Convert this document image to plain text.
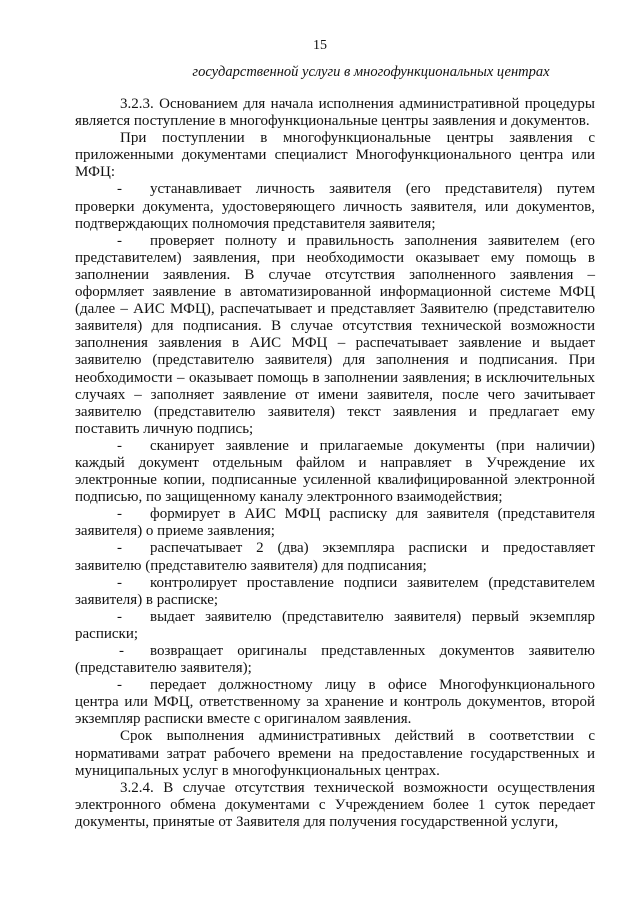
15
государственной услуги в многофункциональных центрах

3.2.3. Основанием для начала исполнения административной процедуры является поступление в многофункциональные центры заявления и документов.

При поступлении в многофункциональные центры заявления с приложенными документами специалист Многофункционального центра или МФЦ:

- устанавливает личность заявителя (его представителя) путем проверки документа, удостоверяющего личность заявителя, или документов, подтверждающих полномочия представителя заявителя;

- проверяет полноту и правильность заполнения заявителем (его представителем) заявления, при необходимости оказывает ему помощь в заполнении заявления. В случае отсутствия заполненного заявления – оформляет заявление в автоматизированной информационной системе МФЦ (далее – АИС МФЦ), распечатывает и представляет Заявителю (представителю заявителя) для подписания. В случае отсутствия технической возможности заполнения заявления в АИС МФЦ – распечатывает заявление и выдает заявителю (представителю заявителя) для заполнения и подписания. При необходимости – оказывает помощь в заполнении заявления; в исключительных случаях – заполняет заявление от имени заявителя, после чего зачитывает заявителю (представителю заявителя) текст заявления и предлагает ему поставить личную подпись;

- сканирует заявление и прилагаемые документы (при наличии) каждый документ отдельным файлом и направляет в Учреждение их электронные копии, подписанные усиленной квалифицированной электронной подписью, по защищенному каналу электронного взаимодействия;

- формирует в АИС МФЦ расписку для заявителя (представителя заявителя) о приеме заявления;

- распечатывает 2 (два) экземпляра расписки и предоставляет заявителю (представителю заявителя) для подписания;

- контролирует проставление подписи заявителем (представителем заявителя) в расписке;

- выдает заявителю (представителю заявителя) первый экземпляр расписки;

- возвращает оригиналы представленных документов заявителю (представителю заявителя);

- передает должностному лицу в офисе Многофункционального центра или МФЦ, ответственному за хранение и контроль документов, второй экземпляр расписки вместе с оригиналом заявления.

Срок выполнения административных действий в соответствии с нормативами затрат рабочего времени на предоставление государственных и муниципальных услуг в многофункциональных центрах.

3.2.4. В случае отсутствия технической возможности осуществления электронного обмена документами с Учреждением более 1 суток передает документы, принятые от Заявителя для получения государственной услуги,
